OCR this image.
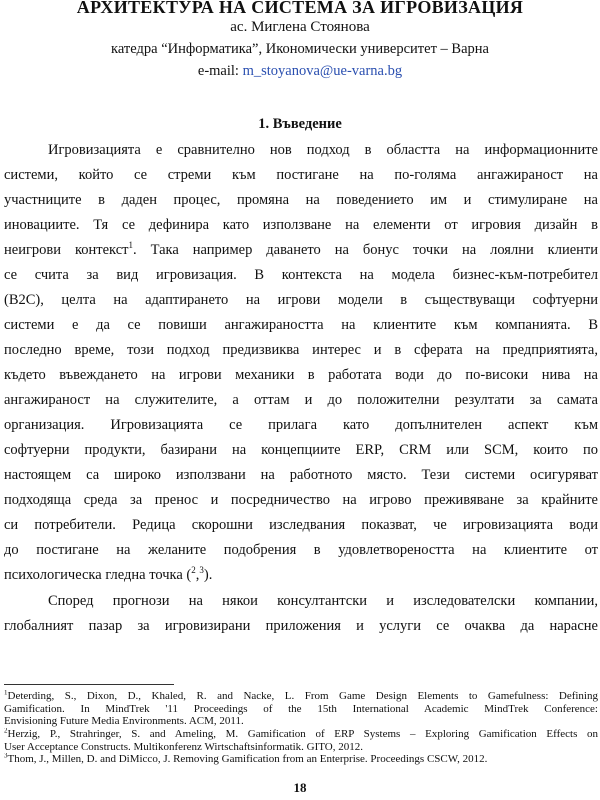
АРХИТЕКТУРА НА СИСТЕМА ЗА ИГРОВИЗАЦИЯ
ас. Миглена Стоянова
катедра “Информатика”, Икономически университет – Варна
e-mail: m_stoyanova@ue-varna.bg
1. Въведение
Игровизацията е сравнително нов подход в областта на информационните
системи, който се стреми към постигане на по-голяма ангажираност на
участниците в даден процес, промяна на поведението им и стимулиране на
иновациите. Тя се дефинира като използване на елементи от игровия дизайн в
неигрови контекст$^1$. Така например даването на бонус точки на лоялни клиенти
се счита за вид игровизация. В контекста на модела бизнес-към-потребител
(B2C), целта на адаптирането на игрови модели в съществуващи софтуерни
системи е да се повиши ангажираността на клиентите към компанията. В
последно време, този подход предизвиква интерес и в сферата на предприятията,
където въвеждането на игрови механики в работата води до по-високи нива на
ангажираност на служителите, а оттам и до положителни резултати за самата
организация. Игровизацията се прилага като допълнителен аспект към
софтуерни продукти, базирани на концепциите ERP, CRM или SCM, които по
настоящем са широко използвани на работното място. Тези системи осигуряват
подходяща среда за пренос и посредничество на игрово преживяване за крайните
си потребители. Редица скорошни изследвания показват, че игровизацията води
до постигане на желаните подобрения в удовлетвореността на клиентите от
психологическа гледна точка ($^2$,$^3$).
Според прогнози на някои консултантски и изследователски компании,
глобалният пазар за игровизирани приложения и услуги се очаква да нарасне
$^1$Deterding, S., Dixon, D., Khaled, R. and Nacke, L. From Game Design Elements to Gamefulness: Defining
Gamification. In MindTrek '11 Proceedings of the 15th International Academic MindTrek Conference:
Envisioning Future Media Environments. ACM, 2011.
$^2$Herzig, P., Strahringer, S. and Ameling, M. Gamification of ERP Systems – Exploring Gamification Effects on
User Acceptance Constructs. Multikonferenz Wirtschaftsinformatik. GITO, 2012.
$^3$Thom, J., Millen, D. and DiMicco, J. Removing Gamification from an Enterprise. Proceedings CSCW, 2012.
18
